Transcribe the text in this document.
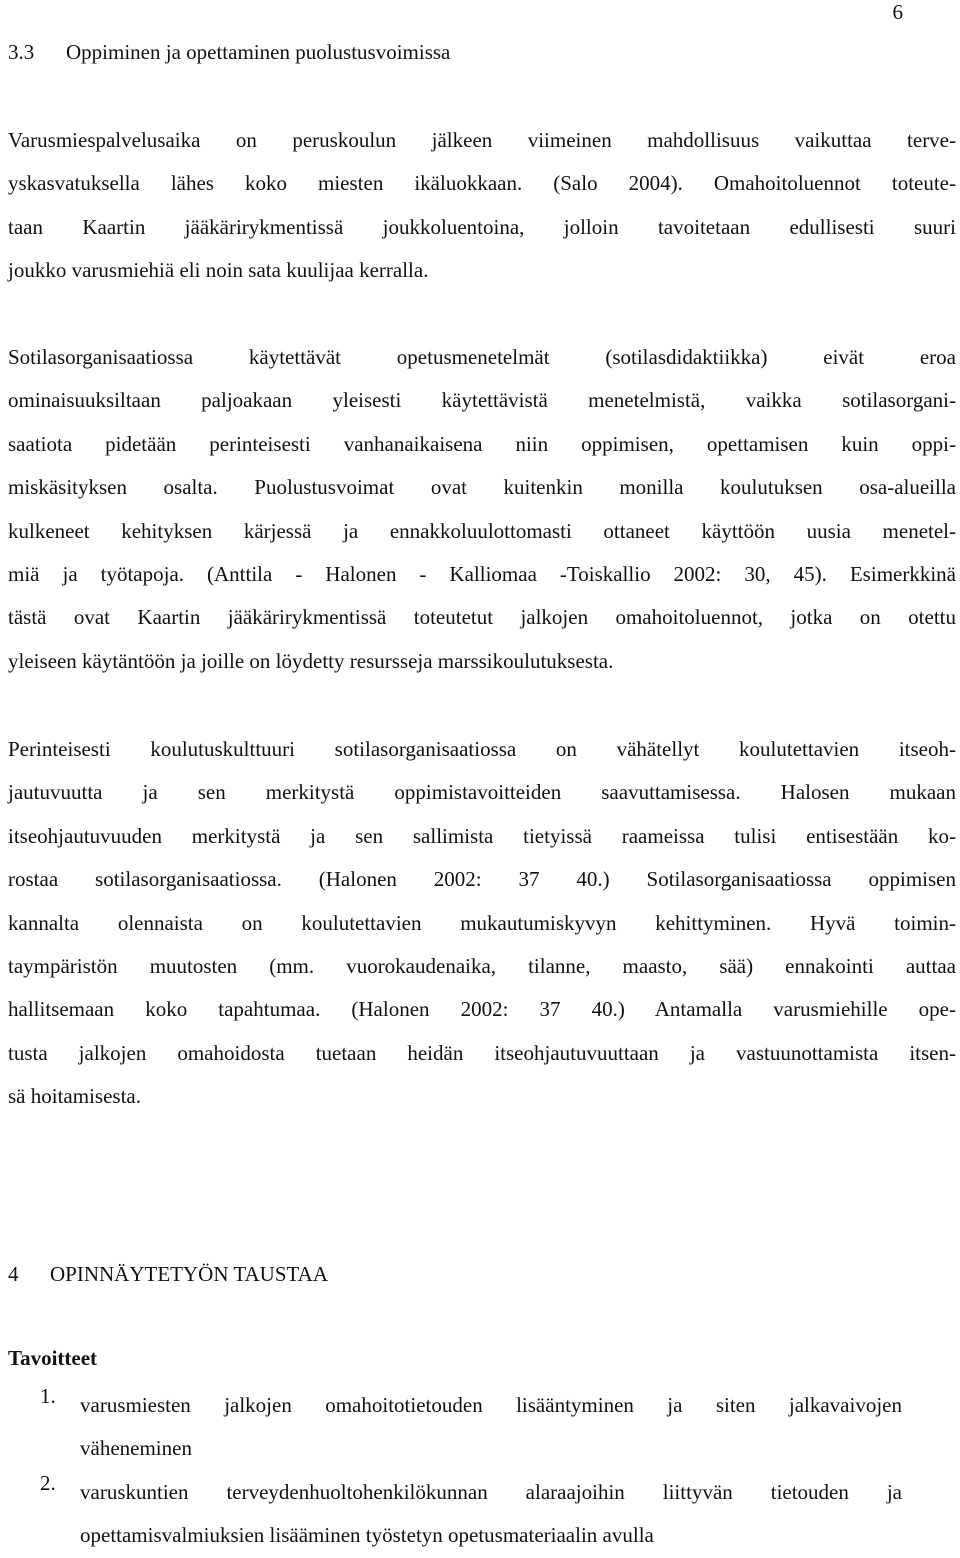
6
3.3 Oppiminen ja opettaminen puolustusvoimissa
Varusmiespalvelusaika on peruskoulun jälkeen viimeinen mahdollisuus vaikuttaa terve-
yskasvatuksella lähes koko miesten ikäluokkaan. (Salo 2004). Omahoitoluennot toteute-
taan Kaartin jääkärirykmentissä joukkoluentoina, jolloin tavoitetaan edullisesti suuri
joukko varusmiehiä eli noin sata kuulijaa kerralla.
Sotilasorganisaatiossa käytettävät opetusmenetelmät (sotilasdidaktiikka) eivät eroa
ominaisuuksiltaan paljoakaan yleisesti käytettävistä menetelmistä, vaikka sotilasorgani-
saatiota pidetään perinteisesti vanhanaikaisena niin oppimisen, opettamisen kuin oppi-
miskäsityksen osalta. Puolustusvoimat ovat kuitenkin monilla koulutuksen osa-alueilla
kulkeneet kehityksen kärjessä ja ennakkoluulottomasti ottaneet käyttöön uusia menetel-
miä ja työtapoja. (Anttila - Halonen - Kalliomaa -Toiskallio 2002: 30, 45). Esimerkkinä
tästä ovat Kaartin jääkärirykmentissä toteutetut jalkojen omahoitoluennot, jotka on otettu
yleiseen käytäntöön ja joille on löydetty resursseja marssikoulutuksesta.
Perinteisesti koulutuskulttuuri sotilasorganisaatiossa on vähätellyt koulutettavien itseoh-
jautuvuutta ja sen merkitystä oppimistavoitteiden saavuttamisessa. Halosen mukaan
itseohjautuvuuden merkitystä ja sen sallimista tietyissä raameissa tulisi entisestään ko-
rostaa sotilasorganisaatiossa. (Halonen 2002: 37 40.) Sotilasorganisaatiossa oppimisen
kannalta olennaista on koulutettavien mukautumiskyvyn kehittyminen. Hyvä toimin-
taympäristön muutosten (mm. vuorokaudenaika, tilanne, maasto, sää) ennakointi auttaa
hallitsemaan koko tapahtumaa. (Halonen 2002: 37 40.) Antamalla varusmiehille ope-
tusta jalkojen omahoidosta tuetaan heidän itseohjautuvuuttaan ja vastuunottamista itsen-
sä hoitamisesta.
4 OPINNÄYTETYÖN TAUSTAA
Tavoitteet
1. varusmiesten jalkojen omahoitotietouden lisääntyminen ja siten jalkavaivojen
väheneminen
2. varuskuntien terveydenhuoltohenkilökunnan alaraajoihin liittyvän tietouden ja
opettamisvalmiuksien lisääminen työstetyn opetusmateriaalin avulla
